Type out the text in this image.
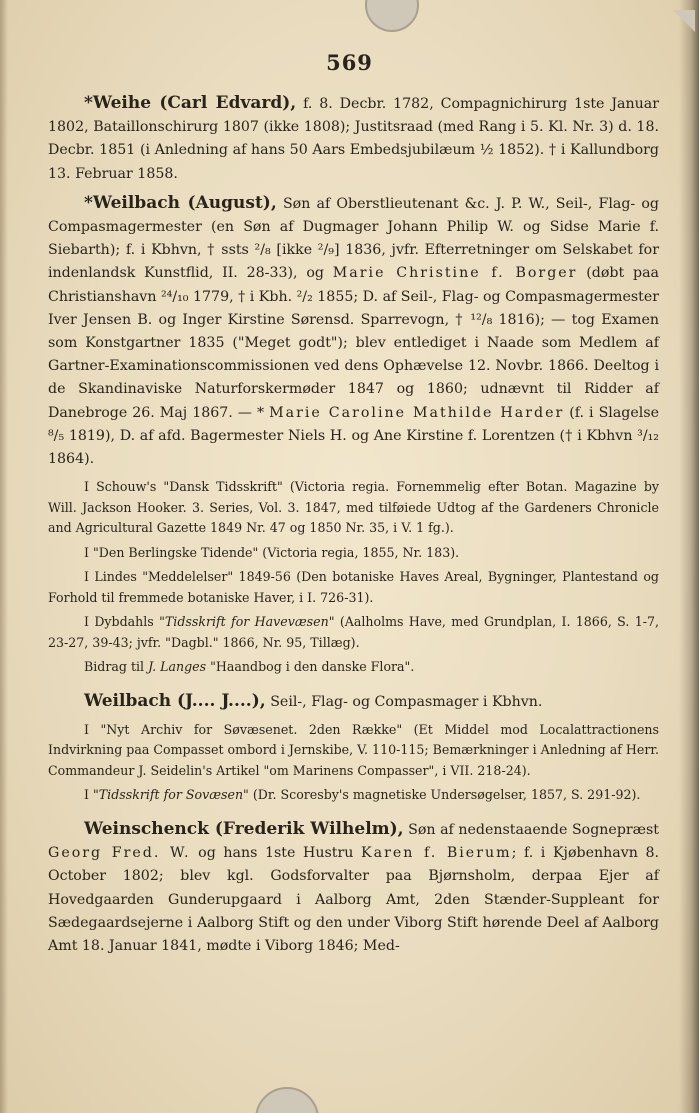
569

*Weihe (Carl Edvard), f. 8. Decbr. 1782, Compagnichirurg 1ste Januar 1802, Bataillonschirurg 1807 (ikke 1808); Justitsraad (med Rang i 5. Kl. Nr. 3) d. 18. Decbr. 1851 (i Anledning af hans 50 Aars Embedsjubilæum ½ 1852). † i Kallundborg 13. Februar 1858.

*Weilbach (August), Søn af Oberstlieutenant &c. J. P. W., Seil-, Flag- og Compasmagermester (en Søn af Dugmager Johann Philip W. og Sidse Marie f. Siebarth); f. i Kbhvn, † ssts ²/₈ [ikke ²/₉] 1836, jvfr. Efterretninger om Selskabet for indenlandsk Kunstflid, II. 28-33), og Marie Christine f. Borger (døbt paa Christianshavn ²⁴/₁₀ 1779, † i Kbh. ²/₂ 1855; D. af Seil-, Flag- og Compasmagermester Iver Jensen B. og Inger Kirstine Sørensd. Sparrevogn, † ¹²/₈ 1816); — tog Examen som Konstgartner 1835 ("Meget godt"); blev entlediget i Naade som Medlem af Gartner-Examinationscommissionen ved dens Ophævelse 12. Novbr. 1866. Deeltog i de Skandinaviske Naturforskermøder 1847 og 1860; udnævnt til Ridder af Danebroge 26. Maj 1867. — * Marie Caroline Mathilde Harder (f. i Slagelse ⁸/₅ 1819), D. af afd. Bagermester Niels H. og Ane Kirstine f. Lorentzen († i Kbhvn ³/₁₂ 1864).

I Schouw's "Dansk Tidsskrift" (Victoria regia. Fornemmelig efter Botan. Magazine by Will. Jackson Hooker. 3. Series, Vol. 3. 1847, med tilføiede Udtog af the Gardeners Chronicle and Agricultural Gazette 1849 Nr. 47 og 1850 Nr. 35, i V. 1 fg.).

I "Den Berlingske Tidende" (Victoria regia, 1855, Nr. 183).

I Lindes "Meddelelser" 1849-56 (Den botaniske Haves Areal, Bygninger, Plantestand og Forhold til fremmede botaniske Haver, i I. 726-31).

I Dybdahls "Tidsskrift for Havevæsen" (Aalholms Have, med Grundplan, I. 1866, S. 1-7, 23-27, 39-43; jvfr. "Dagbl." 1866, Nr. 95, Tillæg).

Bidrag til J. Langes "Haandbog i den danske Flora".

Weilbach (J.... J....), Seil-, Flag- og Compasmager i Kbhvn.

I "Nyt Archiv for Søvæsenet. 2den Række" (Et Middel mod Localattractionens Indvirkning paa Compasset ombord i Jernskibe, V. 110-115; Bemærkninger i Anledning af Herr. Commandeur J. Seidelin's Artikel "om Marinens Compasser", i VII. 218-24).

I "Tidsskrift for Sovæsen" (Dr. Scoresby's magnetiske Undersøgelser, 1857, S. 291-92).

Weinschenck (Frederik Wilhelm), Søn af nedenstaaende Sognepræst Georg Fred. W. og hans 1ste Hustru Karen f. Bierum; f. i Kjøbenhavn 8. October 1802; blev kgl. Godsforvalter paa Bjørnsholm, derpaa Ejer af Hovedgaarden Gunderupgaard i Aalborg Amt, 2den Stænder-Suppleant for Sædegaardsejerne i Aalborg Stift og den under Viborg Stift hørende Deel af Aalborg Amt 18. Januar 1841, mødte i Viborg 1846; Med-
